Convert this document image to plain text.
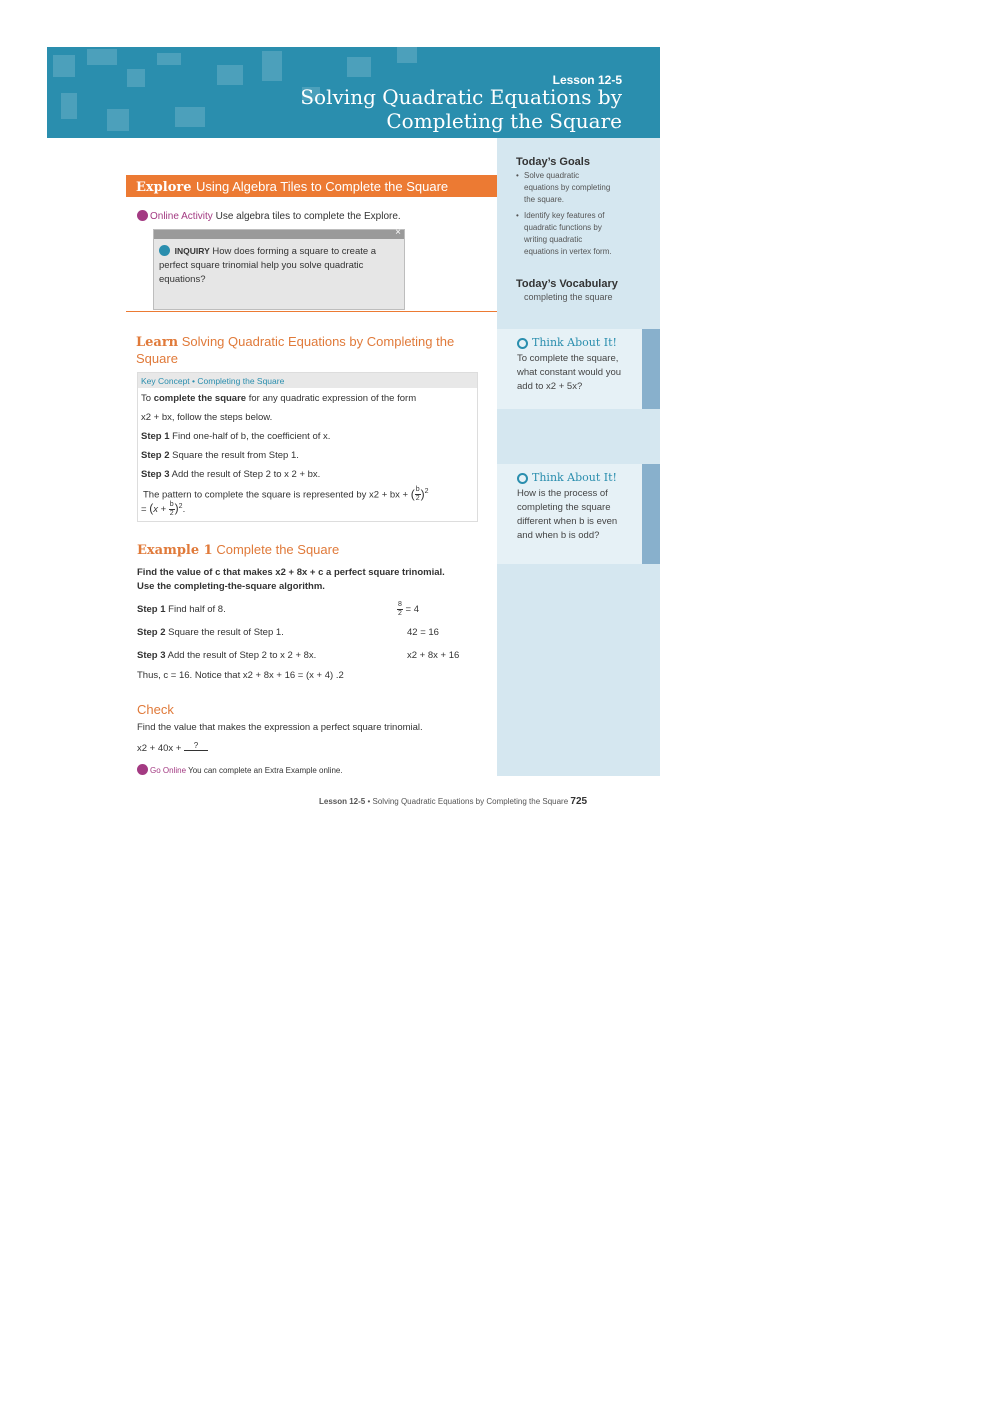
Lesson 12-5
Solving Quadratic Equations by Completing the Square
Today’s Goals
• Solve quadratic equations by completing the square.
• Identify key features of quadratic functions by writing quadratic equations in vertex form.
Today’s Vocabulary
completing the square
Think About It!
To complete the square, what constant would you add to x2 + 5x?
Think About It!
How is the process of completing the square different when b is even and when b is odd?
Explore Using Algebra Tiles to Complete the Square
Online Activity Use algebra tiles to complete the Explore.
×
INQUIRY How does forming a square to create a perfect square trinomial help you solve quadratic equations?
Learn Solving Quadratic Equations by Completing the Square
Key Concept • Completing the Square
To complete the square for any quadratic expression of the form
x2 + bx, follow the steps below.
Step 1 Find one-half of b, the coefficient of x.
Step 2 Square the result from Step 1.
Step 3 Add the result of Step 2 to x 2 + bx.
The pattern to complete the square is represented by x2 + bx + ( $\frac{b}{2} )^2$
= $(x + \frac{b}{2} )^2$.
Example 1 Complete the Square
Find the value of c that makes x2 + 8x + c a perfect square trinomial.
Use the completing-the-square algorithm.
Step 1 Find half of 8.	$\frac{8}{2} = 4$
Step 2 Square the result of Step 1.	42 = 16
Step 3 Add the result of Step 2 to x 2 + 8x.	x2 + 8x + 16
Thus, c = 16. Notice that x2 + 8x + 16 = (x + 4) .2
Check
Find the value that makes the expression a perfect square trinomial.
x2 + 40x + ?
Go Online You can complete an Extra Example online.
Lesson 12-5 • Solving Quadratic Equations by Completing the Square 725
